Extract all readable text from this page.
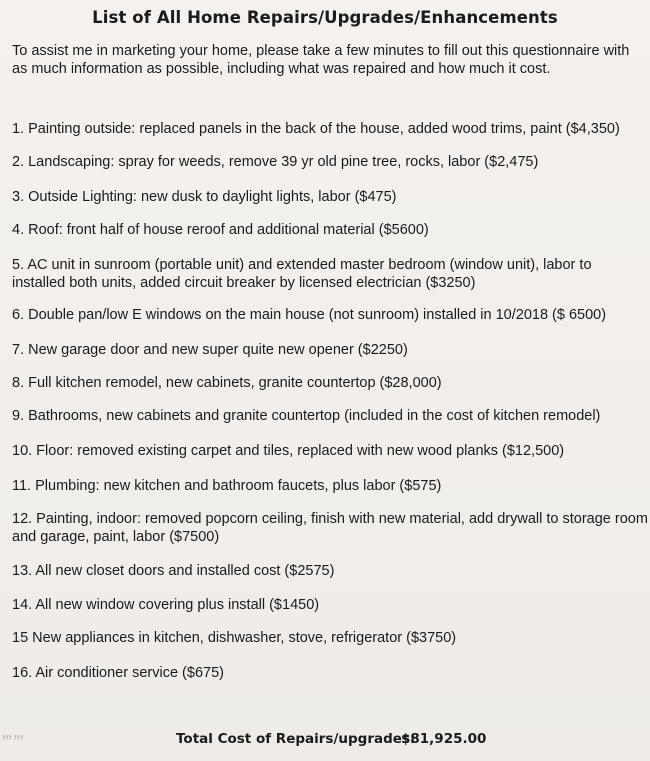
List of All Home Repairs/Upgrades/Enhancements
To assist me in marketing your home, please take a few minutes to fill out this questionnaire with as much information as possible, including what was repaired and how much it cost.
1. Painting outside: replaced panels in the back of the house, added wood trims, paint ($4,350)
2. Landscaping: spray for weeds, remove 39 yr old pine tree, rocks, labor ($2,475)
3. Outside Lighting: new dusk to daylight lights, labor ($475)
4. Roof: front half of house reroof and additional material ($5600)
5. AC unit in sunroom (portable unit) and extended master bedroom (window unit), labor to installed both units, added circuit breaker by licensed electrician ($3250)
6. Double pan/low E windows on the main house (not sunroom) installed in 10/2018 ($ 6500)
7. New garage door and new super quite new opener ($2250)
8. Full kitchen remodel, new cabinets, granite countertop ($28,000)
9. Bathrooms, new cabinets and granite countertop (included in the cost of kitchen remodel)
10. Floor: removed existing carpet and tiles, replaced with new wood planks ($12,500)
11. Plumbing: new kitchen and bathroom faucets, plus labor ($575)
12. Painting, indoor: removed popcorn ceiling, finish with new material, add drywall to storage room and garage, paint, labor ($7500)
13. All new closet doors and installed cost ($2575)
14. All new window covering plus install ($1450)
15 New appliances in kitchen, dishwasher, stove, refrigerator ($3750)
16. Air conditioner service ($675)
??? ???	Total Cost of Repairs/upgrades:
$81,925.00
